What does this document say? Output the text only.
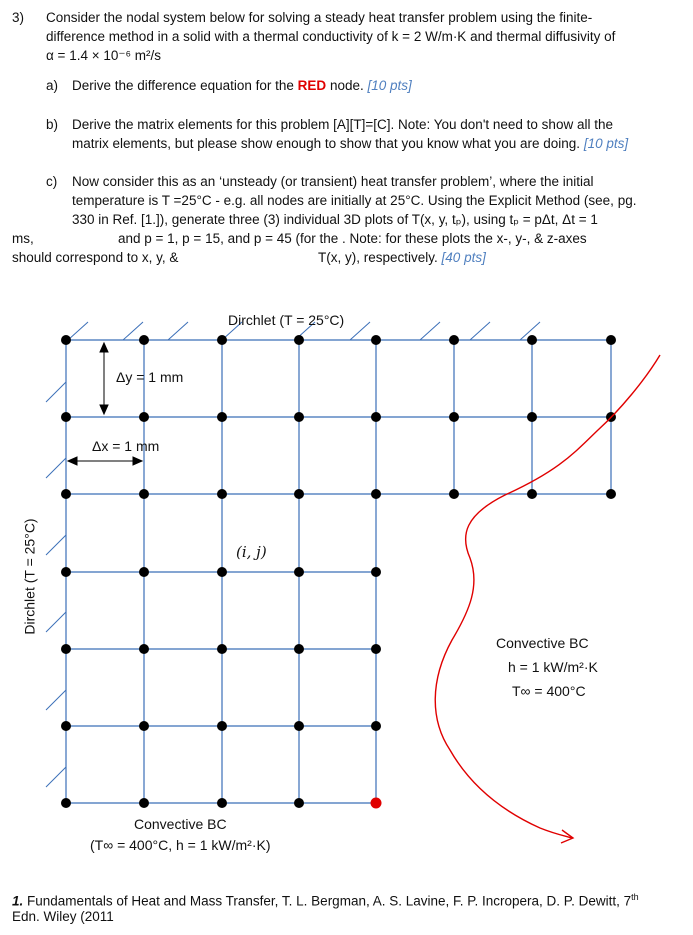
3) Consider the nodal system below for solving a steady heat transfer problem using the finite-
difference method in a solid with a thermal conductivity of k = 2 W/m·K and thermal diffusivity of
α = 1.4 × 10⁻⁶ m²/s
a) Derive the difference equation for the RED node. [10 pts]
b) Derive the matrix elements for this problem [A][T]=[C]. Note: You don't need to show all the
matrix elements, but please show enough to show that you know what you are doing. [10 pts]
c) Now consider this as an ‘unsteady (or transient) heat transfer problem’, where the initial
temperature is T =25°C - e.g. all nodes are initially at 25°C. Using the Explicit Method (see, pg.
330 in Ref. [1.]), generate three (3) individual 3D plots of T(x, y, tₚ), using tₚ = pΔt, Δt = 1
ms,	and p = 1, p = 15, and p = 45 (for the . Note: for these plots the x-, y-, & z-axes
should correspond to x, y, &	T(x, y), respectively. [40 pts]
Dirchlet (T = 25°C)
Dirchlet (T = 25°C)
Δy = 1 mm
Δx = 1 mm
(i, j)
Convective BC
h = 1 kW/m²·K
T∞ = 400°C
Convective BC
(T∞ = 400°C, h = 1 kW/m²·K)
1. Fundamentals of Heat and Mass Transfer, T. L. Bergman, A. S. Lavine, F. P. Incropera, D. P. Dewitt, 7th
Edn. Wiley (2011
